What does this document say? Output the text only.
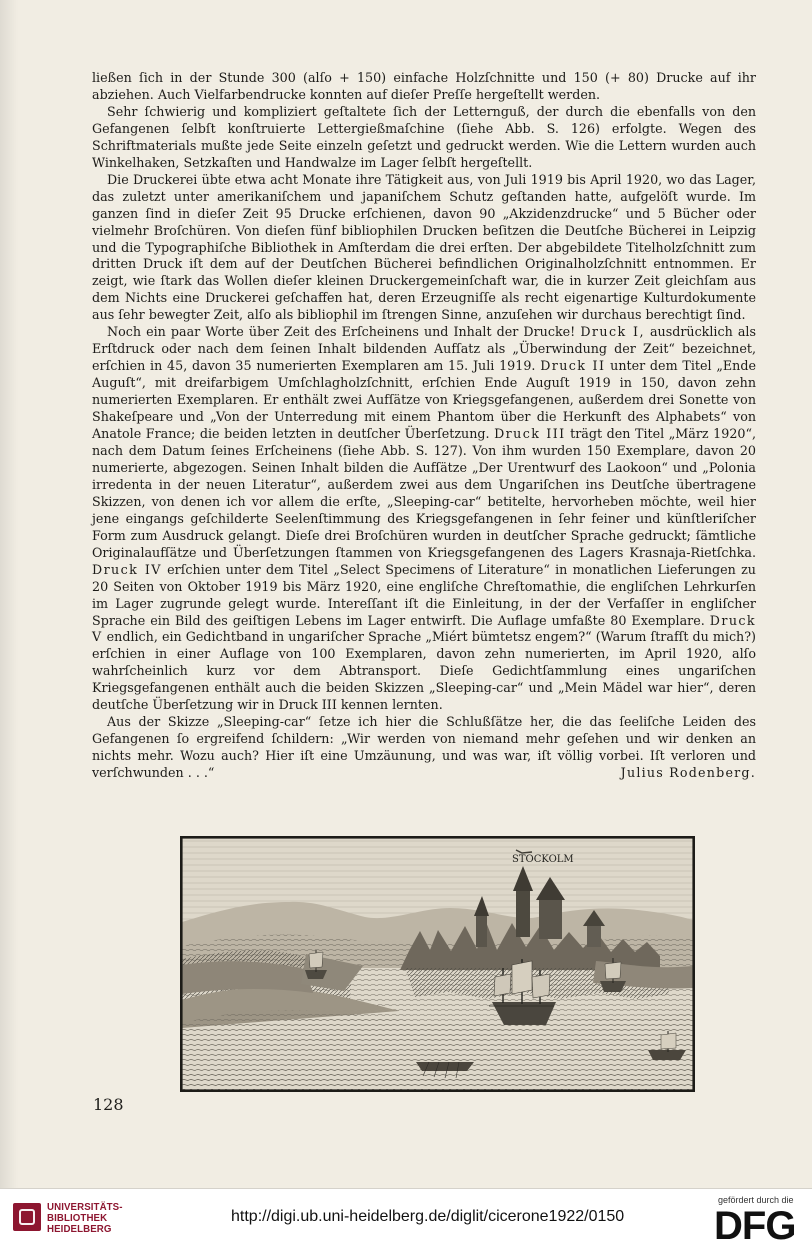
ließen ſich in der Stunde 300 (alſo + 150) einfache Holzſchnitte und 150 (+ 80) Drucke auf ihr abziehen. Auch Vielfarbendrucke konnten auf dieſer Preſſe hergeſtellt werden.

Sehr ſchwierig und kompliziert geſtaltete ſich der Letternguß, der durch die ebenfalls von den Gefangenen ſelbſt konſtruierte Lettergießmaſchine (ſiehe Abb. S. 126) erfolgte. Wegen des Schriftmaterials mußte jede Seite einzeln geſetzt und gedruckt werden. Wie die Lettern wurden auch Winkelhaken, Setzkaſten und Handwalze im Lager ſelbſt hergeſtellt.

Die Druckerei übte etwa acht Monate ihre Tätigkeit aus, von Juli 1919 bis April 1920, wo das Lager, das zuletzt unter amerikaniſchem und japaniſchem Schutz geſtanden hatte, aufgelöſt wurde. Im ganzen ſind in dieſer Zeit 95 Drucke erſchienen, davon 90 „Akzidenzdrucke“ und 5 Bücher oder vielmehr Broſchüren. Von dieſen fünf bibliophilen Drucken beſitzen die Deutſche Bücherei in Leipzig und die Typographiſche Bibliothek in Amſterdam die drei erſten. Der abgebildete Titelholzſchnitt zum dritten Druck iſt dem auf der Deutſchen Bücherei befindlichen Originalholzſchnitt entnommen. Er zeigt, wie ſtark das Wollen dieſer kleinen Druckergemeinſchaft war, die in kurzer Zeit gleichſam aus dem Nichts eine Druckerei geſchaffen hat, deren Erzeugniſſe als recht eigenartige Kulturdokumente aus ſehr bewegter Zeit, alſo als bibliophil im ſtrengen Sinne, anzuſehen wir durchaus berechtigt ſind.

Noch ein paar Worte über Zeit des Erſcheinens und Inhalt der Drucke! Druck I, ausdrücklich als Erſtdruck oder nach dem ſeinen Inhalt bildenden Aufſatz als „Überwindung der Zeit“ bezeichnet, erſchien in 45, davon 35 numerierten Exemplaren am 15. Juli 1919. Druck II unter dem Titel „Ende Auguſt“, mit dreifarbigem Umſchlagholzſchnitt, erſchien Ende Auguſt 1919 in 150, davon zehn numerierten Exemplaren. Er enthält zwei Aufſätze von Kriegsgefangenen, außerdem drei Sonette von Shakeſpeare und „Von der Unterredung mit einem Phantom über die Herkunft des Alphabets“ von Anatole France; die beiden letzten in deutſcher Überſetzung. Druck III trägt den Titel „März 1920“, nach dem Datum ſeines Erſcheinens (ſiehe Abb. S. 127). Von ihm wurden 150 Exemplare, davon 20 numerierte, abgezogen. Seinen Inhalt bilden die Aufſätze „Der Urentwurf des Laokoon“ und „Polonia irredenta in der neuen Literatur“, außerdem zwei aus dem Ungariſchen ins Deutſche übertragene Skizzen, von denen ich vor allem die erſte, „Sleeping-car“ betitelte, hervorheben möchte, weil hier jene eingangs geſchilderte Seelenſtimmung des Kriegsgefangenen in ſehr feiner und künſtleriſcher Form zum Ausdruck gelangt. Dieſe drei Broſchüren wurden in deutſcher Sprache gedruckt; ſämtliche Originalaufſätze und Überſetzungen ſtammen von Kriegsgefangenen des Lagers Krasnaja-Rietſchka. Druck IV erſchien unter dem Titel „Select Specimens of Literature“ in monatlichen Lieferungen zu 20 Seiten von Oktober 1919 bis März 1920, eine engliſche Chreſtomathie, die engliſchen Lehrkurſen im Lager zugrunde gelegt wurde. Intereſſant iſt die Einleitung, in der der Verfaſſer in engliſcher Sprache ein Bild des geiſtigen Lebens im Lager entwirft. Die Auflage umfaßte 80 Exemplare. Druck V endlich, ein Gedichtband in ungariſcher Sprache „Miért bümtetsz engem?“ (Warum ſtrafſt du mich?) erſchien in einer Auflage von 100 Exemplaren, davon zehn numerierten, im April 1920, alſo wahrſcheinlich kurz vor dem Abtransport. Dieſe Gedichtſammlung eines ungariſchen Kriegsgefangenen enthält auch die beiden Skizzen „Sleeping-car“ und „Mein Mädel war hier“, deren deutſche Überſetzung wir in Druck III kennen lernten.

Aus der Skizze „Sleeping-car“ ſetze ich hier die Schlußſätze her, die das ſeeliſche Leiden des Gefangenen ſo ergreifend ſchildern: „Wir werden von niemand mehr geſehen und wir denken an nichts mehr. Wozu auch? Hier iſt eine Umzäunung, und was war, iſt völlig vorbei. Iſt verloren und verſchwunden . . .“	Julius Rodenberg.

STOCKOLM
128
UNIVERSITÄTS-
BIBLIOTHEK
HEIDELBERG
http://digi.ub.uni-heidelberg.de/diglit/cicerone1922/0150
gefördert durch die
DFG
